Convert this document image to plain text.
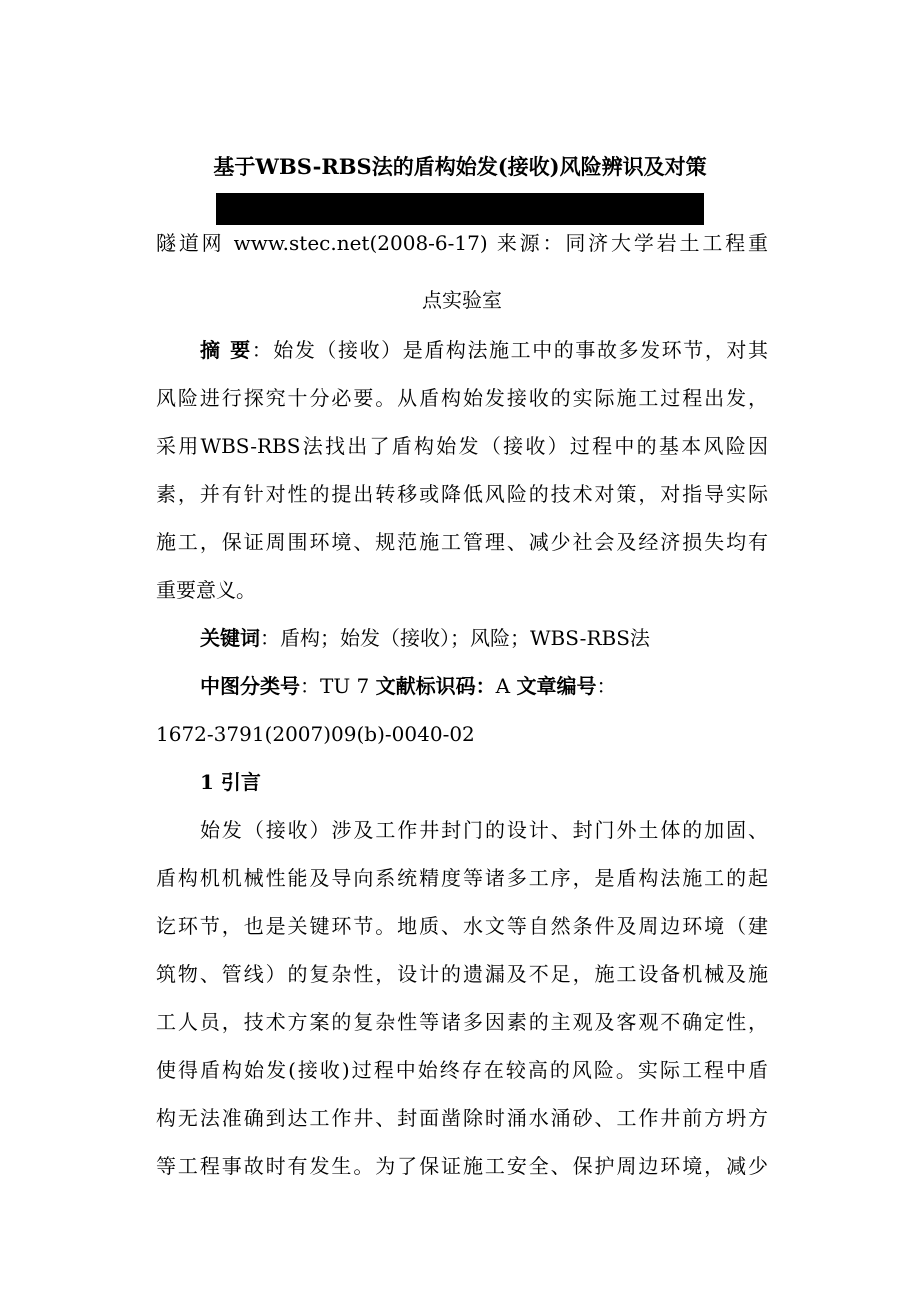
基于WBS-RBS法的盾构始发(接收)风险辨识及对策
隧道网 www.stec.net(2008-6-17) 来源：同济大学岩土工程重
点实验室
摘 要：始发（接收）是盾构法施工中的事故多发环节，对其
风险进行探究十分必要。从盾构始发接收的实际施工过程出发，
采用WBS-RBS法找出了盾构始发（接收）过程中的基本风险因
素，并有针对性的提出转移或降低风险的技术对策，对指导实际
施工，保证周围环境、规范施工管理、减少社会及经济损失均有
重要意义。
关键词：盾构；始发（接收）；风险；WBS-RBS法
中图分类号：TU 7 文献标识码：A 文章编号：
1672-3791(2007)09(b)-0040-02
1 引言
始发（接收）涉及工作井封门的设计、封门外土体的加固、
盾构机机械性能及导向系统精度等诸多工序，是盾构法施工的起
讫环节，也是关键环节。地质、水文等自然条件及周边环境（建
筑物、管线）的复杂性，设计的遗漏及不足，施工设备机械及施
工人员，技术方案的复杂性等诸多因素的主观及客观不确定性，
使得盾构始发(接收)过程中始终存在较高的风险。实际工程中盾
构无法准确到达工作井、封面凿除时涌水涌砂、工作井前方坍方
等工程事故时有发生。为了保证施工安全、保护周边环境，减少
